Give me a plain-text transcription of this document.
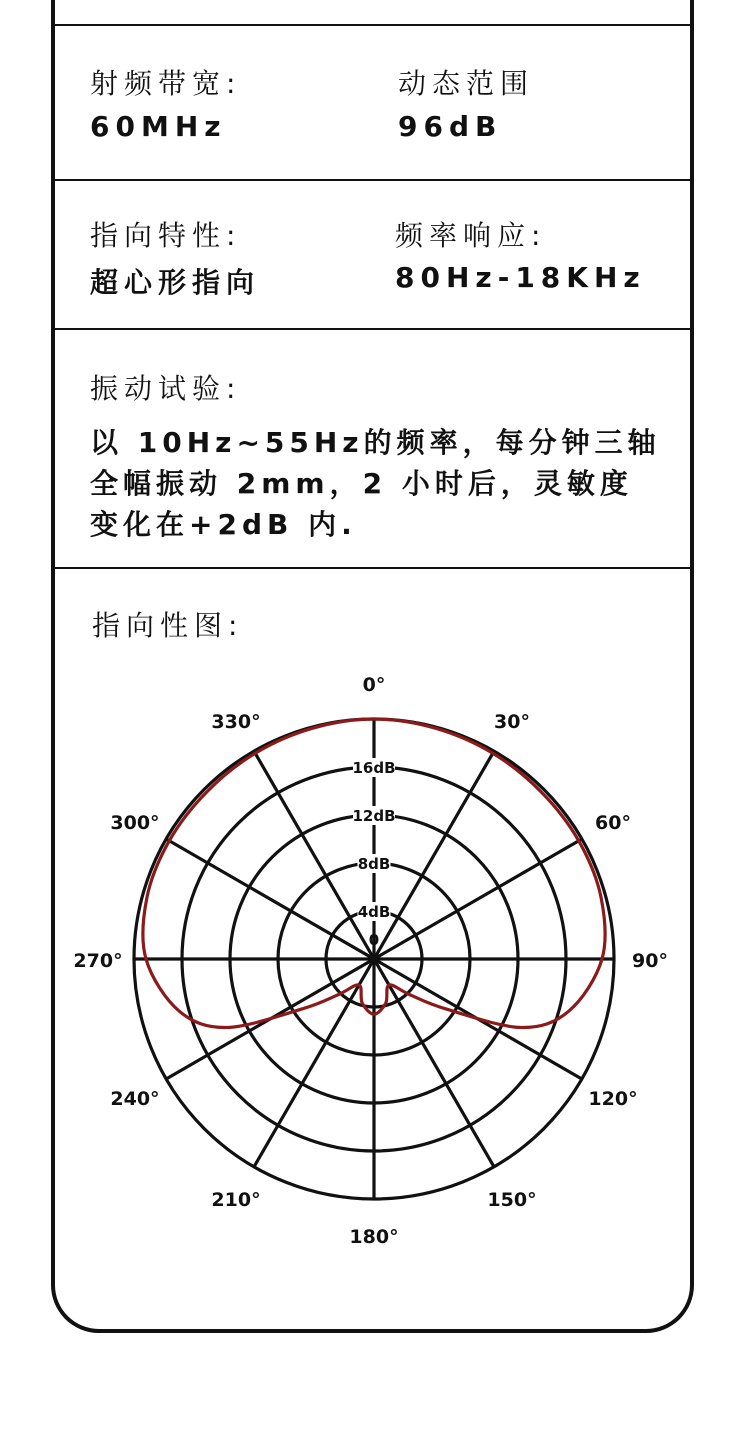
射频带宽:
60MHz
动态范围
96dB
指向特性:
超心形指向
频率响应:
80Hz-18KHz
振动试验:
以 10Hz~55Hz的频率，每分钟三轴
全幅振动 2mm，2 小时后，灵敏度
变化在+2dB 内.
指向性图:
0
4dB
8dB
12dB
16dB
0°
30°
60°
90°
120°
150°
180°
210°
240°
270°
300°
330°
